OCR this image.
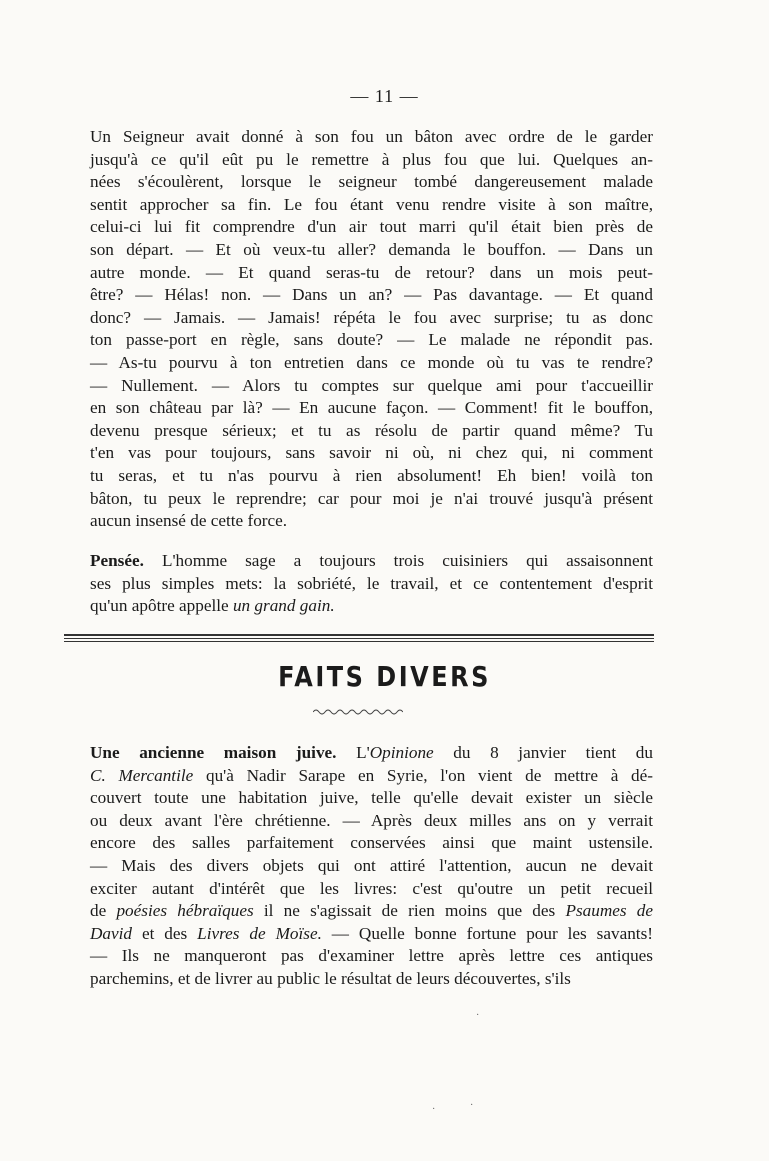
— 11 —
Un Seigneur avait donné à son fou un bâton avec ordre de le garder
jusqu'à ce qu'il eût pu le remettre à plus fou que lui. Quelques an-
nées s'écoulèrent, lorsque le seigneur tombé dangereusement malade
sentit approcher sa fin. Le fou étant venu rendre visite à son maître,
celui-ci lui fit comprendre d'un air tout marri qu'il était bien près de
son départ. — Et où veux-tu aller? demanda le bouffon. — Dans un
autre monde. — Et quand seras-tu de retour? dans un mois peut-
être? — Hélas! non. — Dans un an? — Pas davantage. — Et quand
donc? — Jamais. — Jamais! répéta le fou avec surprise; tu as donc
ton passe-port en règle, sans doute? — Le malade ne répondit pas.
— As-tu pourvu à ton entretien dans ce monde où tu vas te rendre?
— Nullement. — Alors tu comptes sur quelque ami pour t'accueillir
en son château par là? — En aucune façon. — Comment! fit le bouffon,
devenu presque sérieux; et tu as résolu de partir quand même? Tu
t'en vas pour toujours, sans savoir ni où, ni chez qui, ni comment
tu seras, et tu n'as pourvu à rien absolument! Eh bien! voilà ton
bâton, tu peux le reprendre; car pour moi je n'ai trouvé jusqu'à présent
aucun insensé de cette force.
Pensée. L'homme sage a toujours trois cuisiniers qui assaisonnent
ses plus simples mets: la sobriété, le travail, et ce contentement d'esprit
qu'un apôtre appelle un grand gain.
FAITS DIVERS
Une ancienne maison juive. L'Opinione du 8 janvier tient du
C. Mercantile qu'à Nadir Sarape en Syrie, l'on vient de mettre à dé-
couvert toute une habitation juive, telle qu'elle devait exister un siècle
ou deux avant l'ère chrétienne. — Après deux milles ans on y verrait
encore des salles parfaitement conservées ainsi que maint ustensile.
— Mais des divers objets qui ont attiré l'attention, aucun ne devait
exciter autant d'intérêt que les livres: c'est qu'outre un petit recueil
de poésies hébraïques il ne s'agissait de rien moins que des Psaumes de
David et des Livres de Moïse. — Quelle bonne fortune pour les savants!
— Ils ne manqueront pas d'examiner lettre après lettre ces antiques
parchemins, et de livrer au public le résultat de leurs découvertes, s'ils
·
·	·
